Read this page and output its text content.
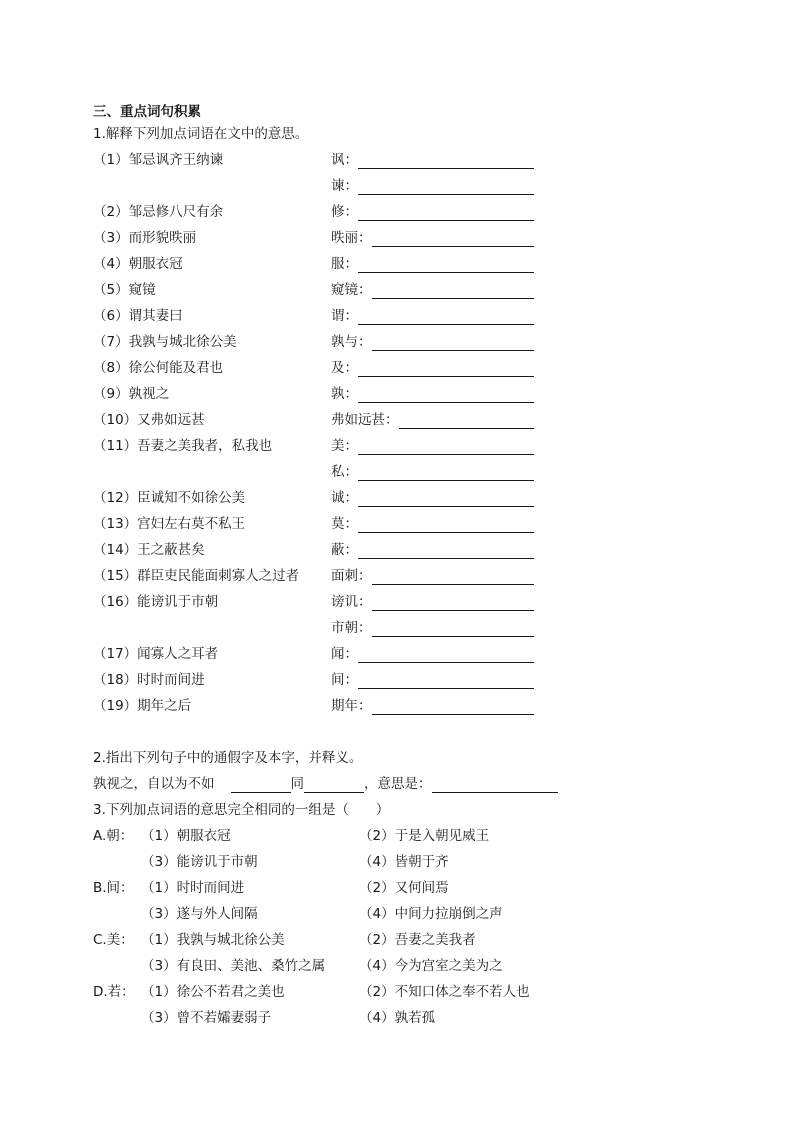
三、重点词句积累
1.解释下列加点词语在文中的意思。
（1）邹忌讽齐王纳谏	讽：
谏：
（2）邹忌修八尺有余	修：
（3）而形貌昳丽	昳丽：
（4）朝服衣冠	服：
（5）窥镜	窥镜：
（6）谓其妻曰	谓：
（7）我孰与城北徐公美	孰与：
（8）徐公何能及君也	及：
（9）孰视之	孰：
（10）又弗如远甚	弗如远甚：
（11）吾妻之美我者，私我也	美：
私：
（12）臣诚知不如徐公美	诚：
（13）宫妇左右莫不私王	莫：
（14）王之蔽甚矣	蔽：
（15）群臣吏民能面刺寡人之过者 面刺：
（16）能谤讥于市朝	谤讥：
市朝：
（17）闻寡人之耳者	闻：
（18）时时而间进	间：
（19）期年之后	期年：
2.指出下列句子中的通假字及本字，并释义。
孰视之，自以为不如	同	，意思是：
3.下列加点词语的意思完全相同的一组是（　　）
A.朝： （1）朝服衣冠	（2）于是入朝见威王
（3）能谤讥于市朝	（4）皆朝于齐
B.间： （1）时时而间进	（2）又何间焉
（3）遂与外人间隔	（4）中间力拉崩倒之声
C.美： （1）我孰与城北徐公美	（2）吾妻之美我者
（3）有良田、美池、桑竹之属	（4）今为宫室之美为之
D.若： （1）徐公不若君之美也	（2）不知口体之奉不若人也
（3）曾不若孀妻弱子	（4）孰若孤
